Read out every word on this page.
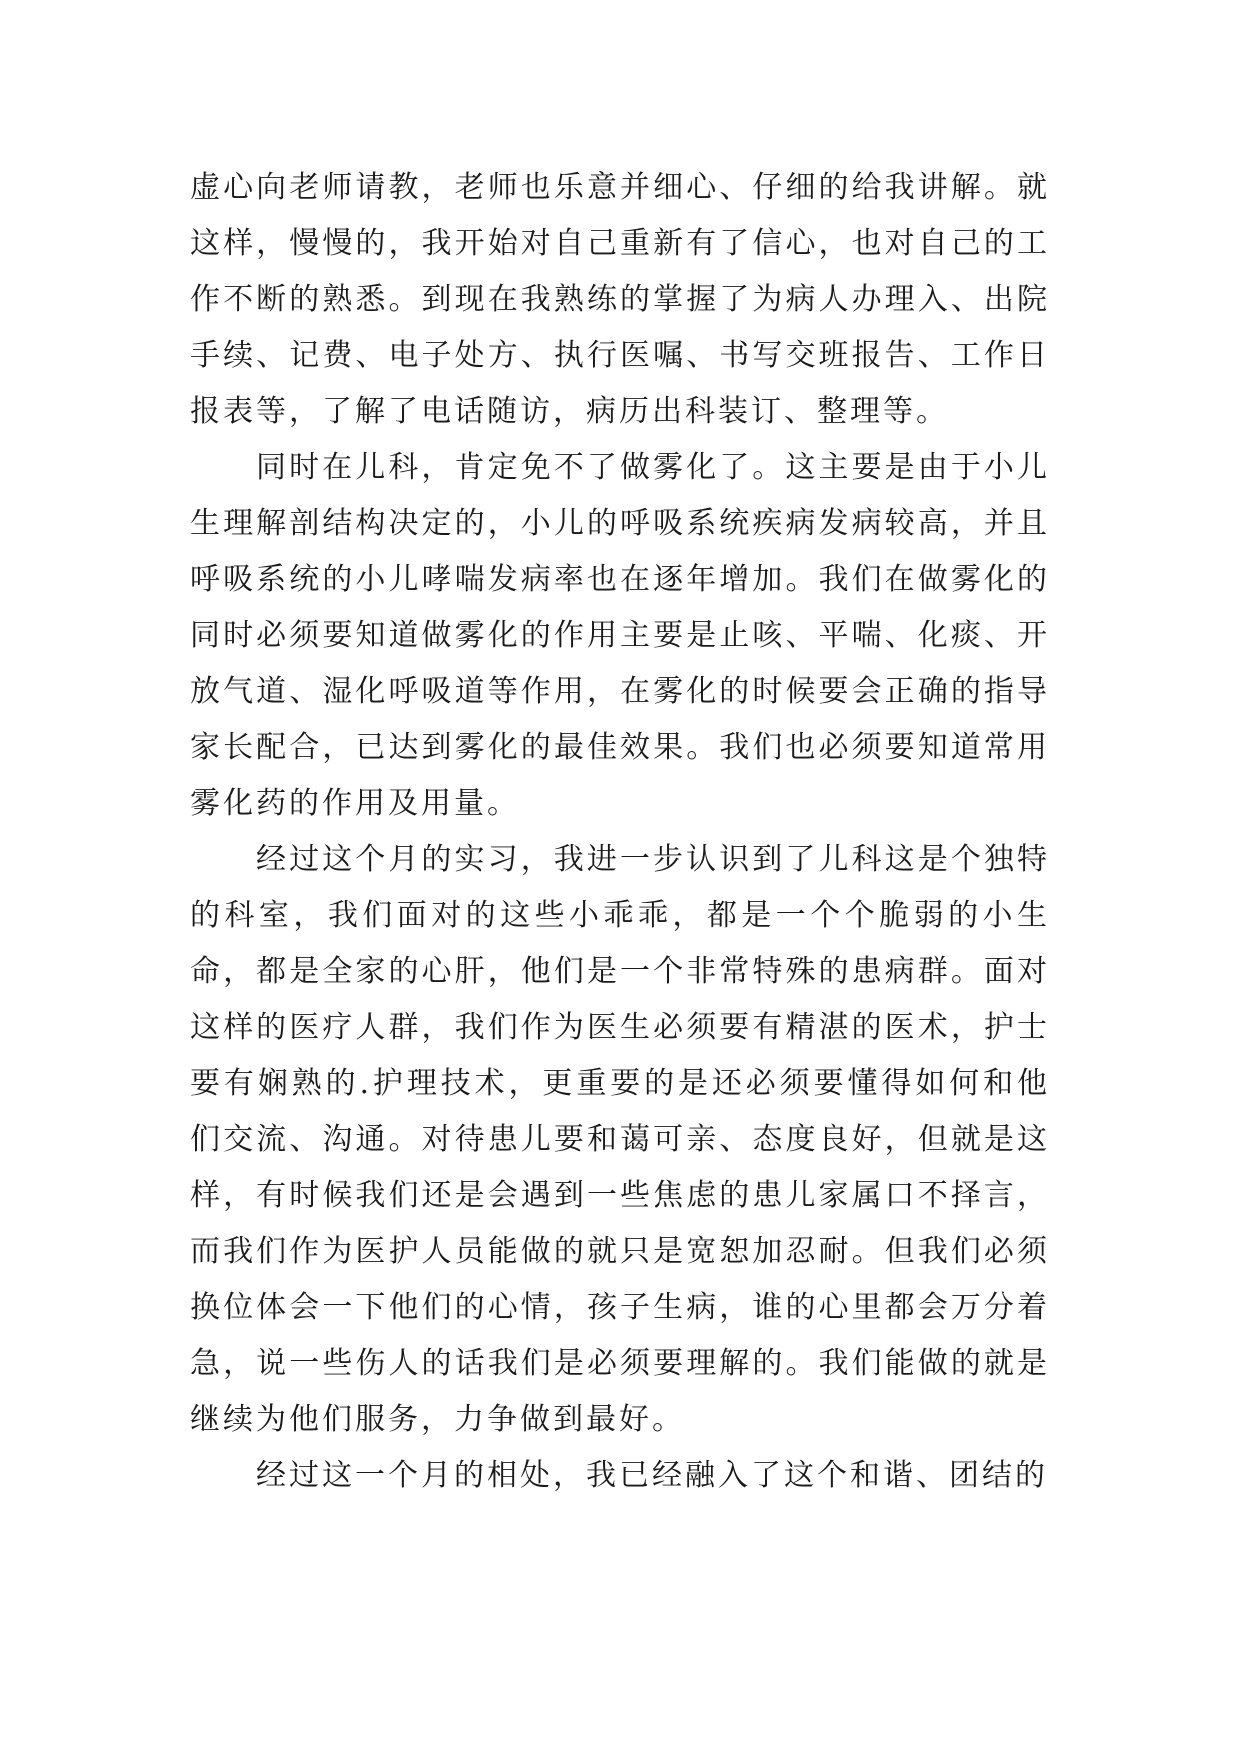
虚心向老师请教，老师也乐意并细心、仔细的给我讲解。就这样，慢慢的，我开始对自己重新有了信心，也对自己的工作不断的熟悉。到现在我熟练的掌握了为病人办理入、出院手续、记费、电子处方、执行医嘱、书写交班报告、工作日报表等，了解了电话随访，病历出科装订、整理等。

同时在儿科，肯定免不了做雾化了。这主要是由于小儿生理解剖结构决定的，小儿的呼吸系统疾病发病较高，并且呼吸系统的小儿哮喘发病率也在逐年增加。我们在做雾化的同时必须要知道做雾化的作用主要是止咳、平喘、化痰、开放气道、湿化呼吸道等作用，在雾化的时候要会正确的指导家长配合，已达到雾化的最佳效果。我们也必须要知道常用雾化药的作用及用量。

经过这个月的实习，我进一步认识到了儿科这是个独特的科室，我们面对的这些小乖乖，都是一个个脆弱的小生命，都是全家的心肝，他们是一个非常特殊的患病群。面对这样的医疗人群，我们作为医生必须要有精湛的医术，护士要有娴熟的.护理技术，更重要的是还必须要懂得如何和他们交流、沟通。对待患儿要和蔼可亲、态度良好，但就是这样，有时候我们还是会遇到一些焦虑的患儿家属口不择言，而我们作为医护人员能做的就只是宽恕加忍耐。但我们必须换位体会一下他们的心情，孩子生病，谁的心里都会万分着急，说一些伤人的话我们是必须要理解的。我们能做的就是继续为他们服务，力争做到最好。

经过这一个月的相处，我已经融入了这个和谐、团结的
